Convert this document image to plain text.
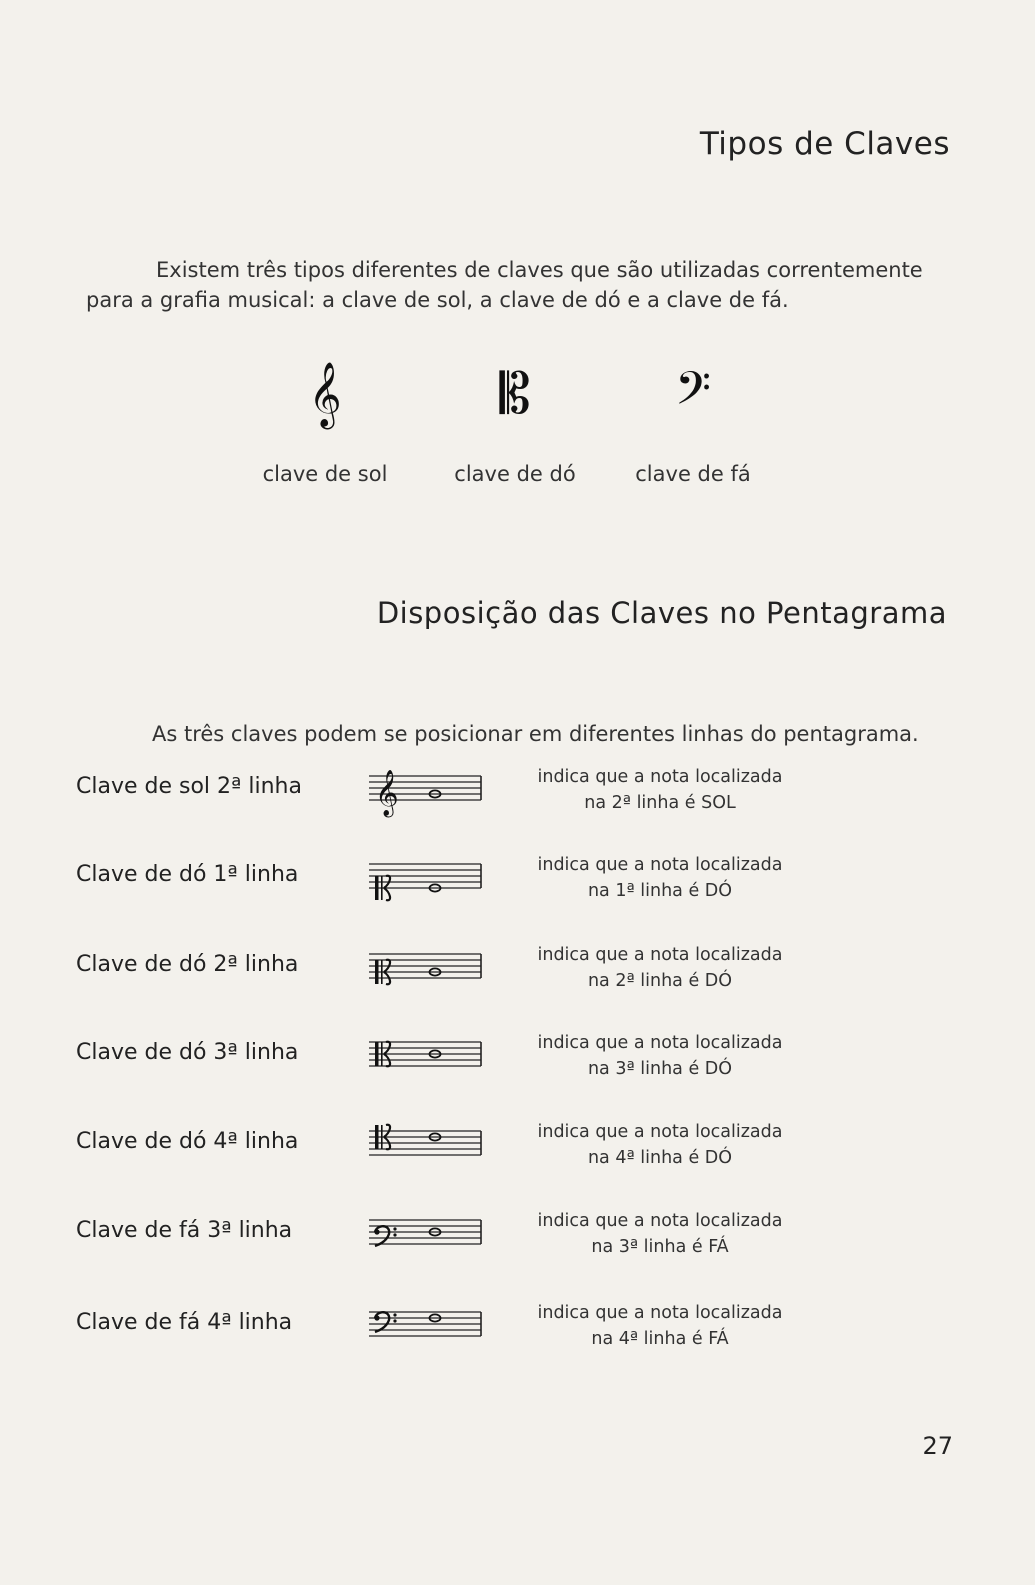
Tipos de Claves
Existem três tipos diferentes de claves que são utilizadas correntemente para a grafia musical: a clave de sol, a clave de dó e a clave de fá.
𝄞
clave de sol
𝄡
clave de dó
𝄢
clave de fá
Disposição das Claves no Pentagrama
As três claves podem se posicionar em diferentes linhas do pentagrama.
Clave de sol 2ª linha 𝄞	indica que a nota localizada
na 2ª linha é SOL
Clave de dó 1ª linha	indica que a nota localizada
na 1ª linha é DÓ
Clave de dó 2ª linha	indica que a nota localizada
na 2ª linha é DÓ
Clave de dó 3ª linha	indica que a nota localizada
na 3ª linha é DÓ
Clave de dó 4ª linha	indica que a nota localizada
na 4ª linha é DÓ
Clave de fá 3ª linha	indica que a nota localizada
na 3ª linha é FÁ
Clave de fá 4ª linha	indica que a nota localizada
na 4ª linha é FÁ
27
